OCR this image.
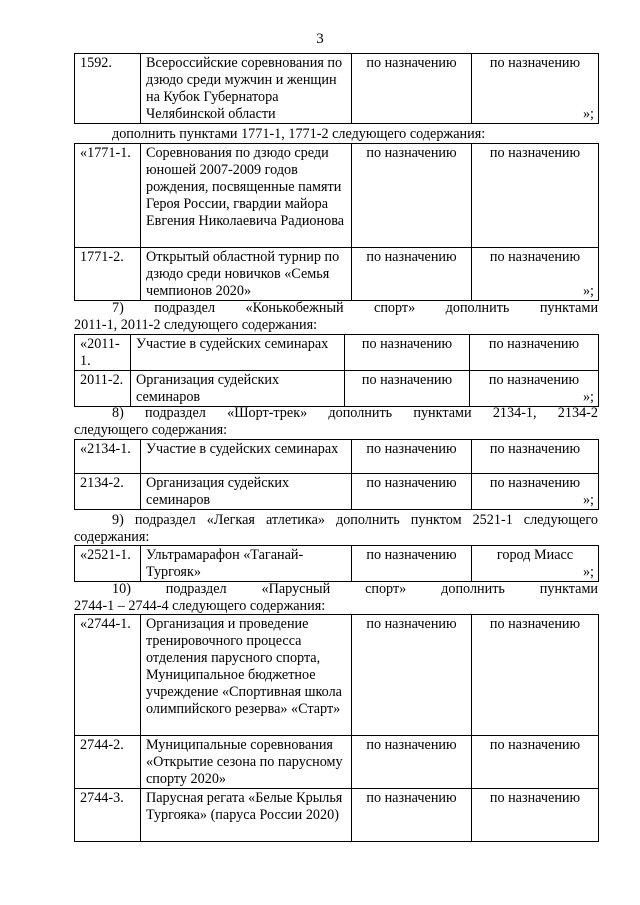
3
1592.	Всероссийские соревнования по дзюдо среди мужчин и женщин на Кубок Губернатора Челябинской области	по назначению	по назначению
»;
дополнить пунктами 1771-1, 1771-2 следующего содержания:
«1771-1.	Соревнования по дзюдо среди юношей 2007-2009 годов рождения, посвященные памяти Героя России, гвардии майора Евгения Николаевича Радионова	по назначению	по назначению
1771-2.	Открытый областной турнир по дзюдо среди новичков «Семья чемпионов 2020»	по назначению	по назначению
»;
7) подраздел «Конькобежный спорт» дополнить пунктами
2011-1, 2011-2 следующего содержания:
«2011-1.	Участие в судейских семинарах	по назначению	по назначению
2011-2.	Организация судейских семинаров	по назначению	по назначению
»;
8) подраздел «Шорт-трек» дополнить пунктами 2134-1, 2134-2
следующего содержания:
«2134-1.	Участие в судейских семинарах	по назначению	по назначению
2134-2.	Организация судейских семинаров	по назначению	по назначению
»;
9) подраздел «Легкая атлетика» дополнить пунктом 2521-1 следующего
содержания:
«2521-1.	Ультрамарафон «Таганай-Тургояк»	по назначению	город Миасс
»;
10) подраздел «Парусный спорт» дополнить пунктами
2744-1 – 2744-4 следующего содержания:
«2744-1.	Организация и проведение тренировочного процесса отделения парусного спорта, Муниципальное бюджетное учреждение «Спортивная школа олимпийского резерва» «Старт»	по назначению	по назначению
2744-2.	Муниципальные соревнования «Открытие сезона по парусному спорту 2020»	по назначению	по назначению
2744-3.	Парусная регата «Белые Крылья Тургояка» (паруса России 2020)	по назначению	по назначению
